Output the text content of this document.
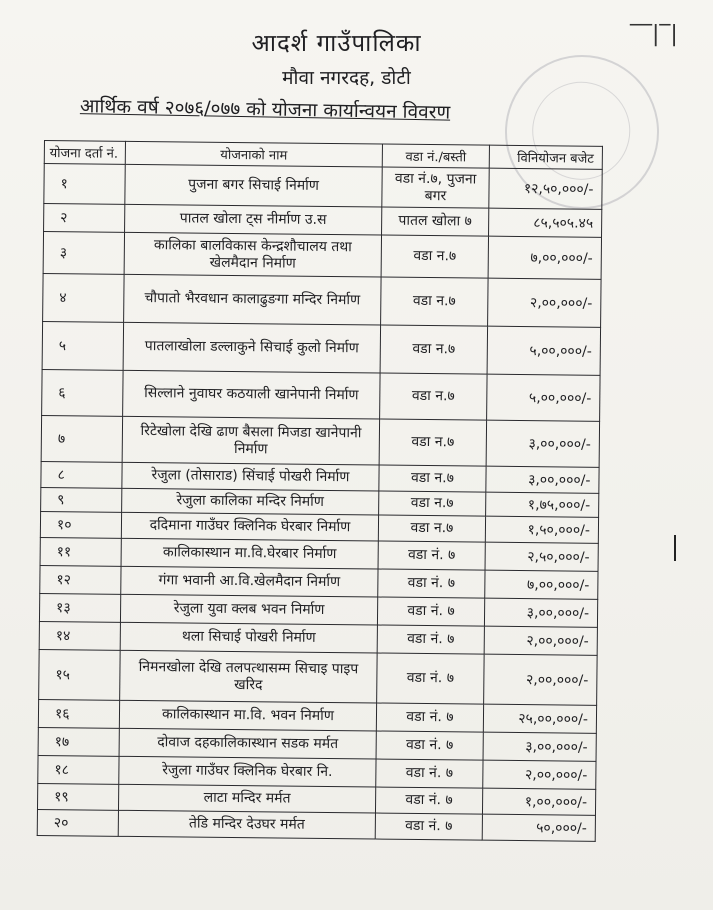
‾‾|‾|
आदर्श गाउँपालिका
मौवा नगरदह, डोटी
आर्थिक वर्ष २०७६/०७७ को योजना कार्यान्वयन विवरण
योजना दर्ता नं.	योजनाको नाम	वडा नं./बस्ती	विनियोजन बजेट
१	पुजना बगर सिचाई निर्माण	वडा नं.७, पुजना बगर	१२,५०,०००/-
२	पातल खोला ट्स नीर्माण उ.स	पातल खोला ७	८५,५०५.४५
३	कालिका बालविकास केन्द्रशौचालय तथा खेलमैदान निर्माण	वडा न.७	७,००,०००/-
४	चौपातो भैरवधान कालाढुङगा मन्दिर निर्माण	वडा न.७	२,००,०००/-
५	पातलाखोला डल्लाकुने सिचाई कुलो निर्माण	वडा न.७	५,००,०००/-
६	सिल्लाने नुवाघर कठयाली खानेपानी निर्माण	वडा न.७	५,००,०००/-
७	रिटेखोला देखि ढाण बैसला मिजडा खानेपानी निर्माण	वडा न.७	३,००,०००/-
८	रेजुला (तोसाराड) सिंचाई पोखरी निर्माण	वडा न.७	३,००,०००/-
९	रेजुला कालिका मन्दिर निर्माण	वडा न.७	१,७५,०००/-
१०	ददिमाना गाउँघर क्लिनिक घेरबार निर्माण	वडा न.७	१,५०,०००/-
११	कालिकास्थान मा.वि.घेरबार निर्माण	वडा नं. ७	२,५०,०००/-
१२	गंगा भवानी आ.वि.खेलमैदान निर्माण	वडा नं. ७	७,००,०००/-
१३	रेजुला युवा क्लब भवन निर्माण	वडा नं. ७	३,००,०००/-
१४	थला सिचाई पोखरी निर्माण	वडा नं. ७	२,००,०००/-
१५	निमनखोला देखि तलपत्थासम्म सिचाइ पाइप खरिद	वडा नं. ७	२,००,०००/-
१६	कालिकास्थान मा.वि. भवन निर्माण	वडा नं. ७	२५,००,०००/-
१७	दोवाज दहकालिकास्थान सडक मर्मत	वडा नं. ७	३,००,०००/-
१८	रेजुला गाउँघर क्लिनिक घेरबार नि.	वडा नं. ७	२,००,०००/-
१९	लाटा मन्दिर मर्मत	वडा नं. ७	१,००,०००/-
२०	तेडि मन्दिर देउघर मर्मत	वडा नं. ७	५०,०००/-
